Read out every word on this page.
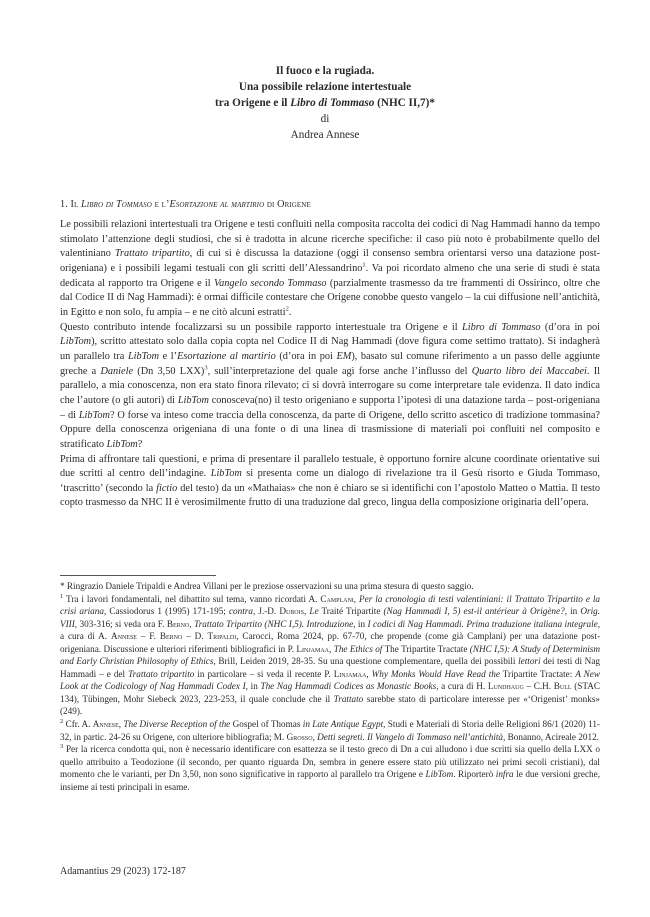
Il fuoco e la rugiada.
Una possibile relazione intertestuale
tra Origene e il Libro di Tommaso (NHC II,7)*
di
Andrea Annese
1. Il Libro di Tommaso e l’Esortazione al martirio di Origene

Le possibili relazioni intertestuali tra Origene e testi confluiti nella composita raccolta dei codici di Nag Hammadi hanno da tempo stimolato l’attenzione degli studiosi, che si è tradotta in alcune ricerche specifiche: il caso più noto è probabilmente quello del valentiniano Trattato tripartito, di cui si è discussa la datazione (oggi il consenso sembra orientarsi verso una datazione post-origeniana) e i possibili legami testuali con gli scritti dell’Alessandrino$^1$. Va poi ricordato almeno che una serie di studi è stata dedicata al rapporto tra Origene e il Vangelo secondo Tommaso (parzialmente trasmesso da tre frammenti di Ossirinco, oltre che dal Codice II di Nag Hammadi): è ormai difficile contestare che Origene conobbe questo vangelo – la cui diffusione nell’antichità, in Egitto e non solo, fu ampia – e ne citò alcuni estratti$^2$.

Questo contributo intende focalizzarsi su un possibile rapporto intertestuale tra Origene e il Libro di Tommaso (d’ora in poi LibTom), scritto attestato solo dalla copia copta nel Codice II di Nag Hammadi (dove figura come settimo trattato). Si indagherà un parallelo tra LibTom e l’Esortazione al martirio (d’ora in poi EM), basato sul comune riferimento a un passo delle aggiunte greche a Daniele (Dn 3,50 LXX)$^3$, sull’interpretazione del quale agì forse anche l’influsso del Quarto libro dei Maccabei. Il parallelo, a mia conoscenza, non era stato finora rilevato; ci si dovrà interrogare su come interpretare tale evidenza. Il dato indica che l’autore (o gli autori) di LibTom conosceva(no) il testo origeniano e supporta l’ipotesi di una datazione tarda – post-origeniana – di LibTom? O forse va inteso come traccia della conoscenza, da parte di Origene, dello scritto ascetico di tradizione tommasina? Oppure della conoscenza origeniana di una fonte o di una linea di trasmissione di materiali poi confluiti nel composito e stratificato LibTom?

Prima di affrontare tali questioni, e prima di presentare il parallelo testuale, è opportuno fornire alcune coordinate orientative sui due scritti al centro dell’indagine. LibTom si presenta come un dialogo di rivelazione tra il Gesù risorto e Giuda Tommaso, ‘trascritto’ (secondo la fictio del testo) da un «Mathaias» che non è chiaro se si identifichi con l’apostolo Matteo o Mattia. Il testo copto trasmesso da NHC II è verosimilmente frutto di una traduzione dal greco, lingua della composizione originaria dell’opera.

* Ringrazio Daniele Tripaldi e Andrea Villani per le preziose osservazioni su una prima stesura di questo saggio.

$^1$ Tra i lavori fondamentali, nel dibattito sul tema, vanno ricordati A. Camplani, Per la cronologia di testi valentiniani: il Trattato Tripartito e la crisi ariana, Cassiodorus 1 (1995) 171-195; contra, J.-D. Dubois, Le Traité Tripartite (Nag Hammadi I, 5) est-il antérieur à Origène?, in Orig. VIII, 303-316; si veda ora F. Berno, Trattato Tripartito (NHC I,5). Introduzione, in I codici di Nag Hammadi. Prima traduzione italiana integrale, a cura di A. Annese – F. Berno – D. Tripaldi, Carocci, Roma 2024, pp. 67-70, che propende (come già Camplani) per una datazione post-origeniana. Discussione e ulteriori riferimenti bibliografici in P. Linjamaa, The Ethics of The Tripartite Tractate (NHC I,5): A Study of Determinism and Early Christian Philosophy of Ethics, Brill, Leiden 2019, 28-35. Su una questione complementare, quella dei possibili lettori dei testi di Nag Hammadi – e del Trattato tripartito in particolare – si veda il recente P. Linjamaa, Why Monks Would Have Read the Tripartite Tractate: A New Look at the Codicology of Nag Hammadi Codex I, in The Nag Hammadi Codices as Monastic Books, a cura di H. Lundhaug – C.H. Bull (STAC 134), Tübingen, Mohr Siebeck 2023, 223-253, il quale conclude che il Trattato sarebbe stato di particolare interesse per «‘Origenist’ monks» (249).

$^2$ Cfr. A. Annese, The Diverse Reception of the Gospel of Thomas in Late Antique Egypt, Studi e Materiali di Storia delle Religioni 86/1 (2020) 11-32, in partic. 24-26 su Origene, con ulteriore bibliografia; M. Grosso, Detti segreti. Il Vangelo di Tommaso nell’antichità, Bonanno, Acireale 2012.

$^3$ Per la ricerca condotta qui, non è necessario identificare con esattezza se il testo greco di Dn a cui alludono i due scritti sia quello della LXX o quello attribuito a Teodozione (il secondo, per quanto riguarda Dn, sembra in genere essere stato più utilizzato nei primi secoli cristiani), dal momento che le varianti, per Dn 3,50, non sono significative in rapporto al parallelo tra Origene e LibTom. Riporterò infra le due versioni greche, insieme ai testi principali in esame.

Adamantius 29 (2023) 172-187
